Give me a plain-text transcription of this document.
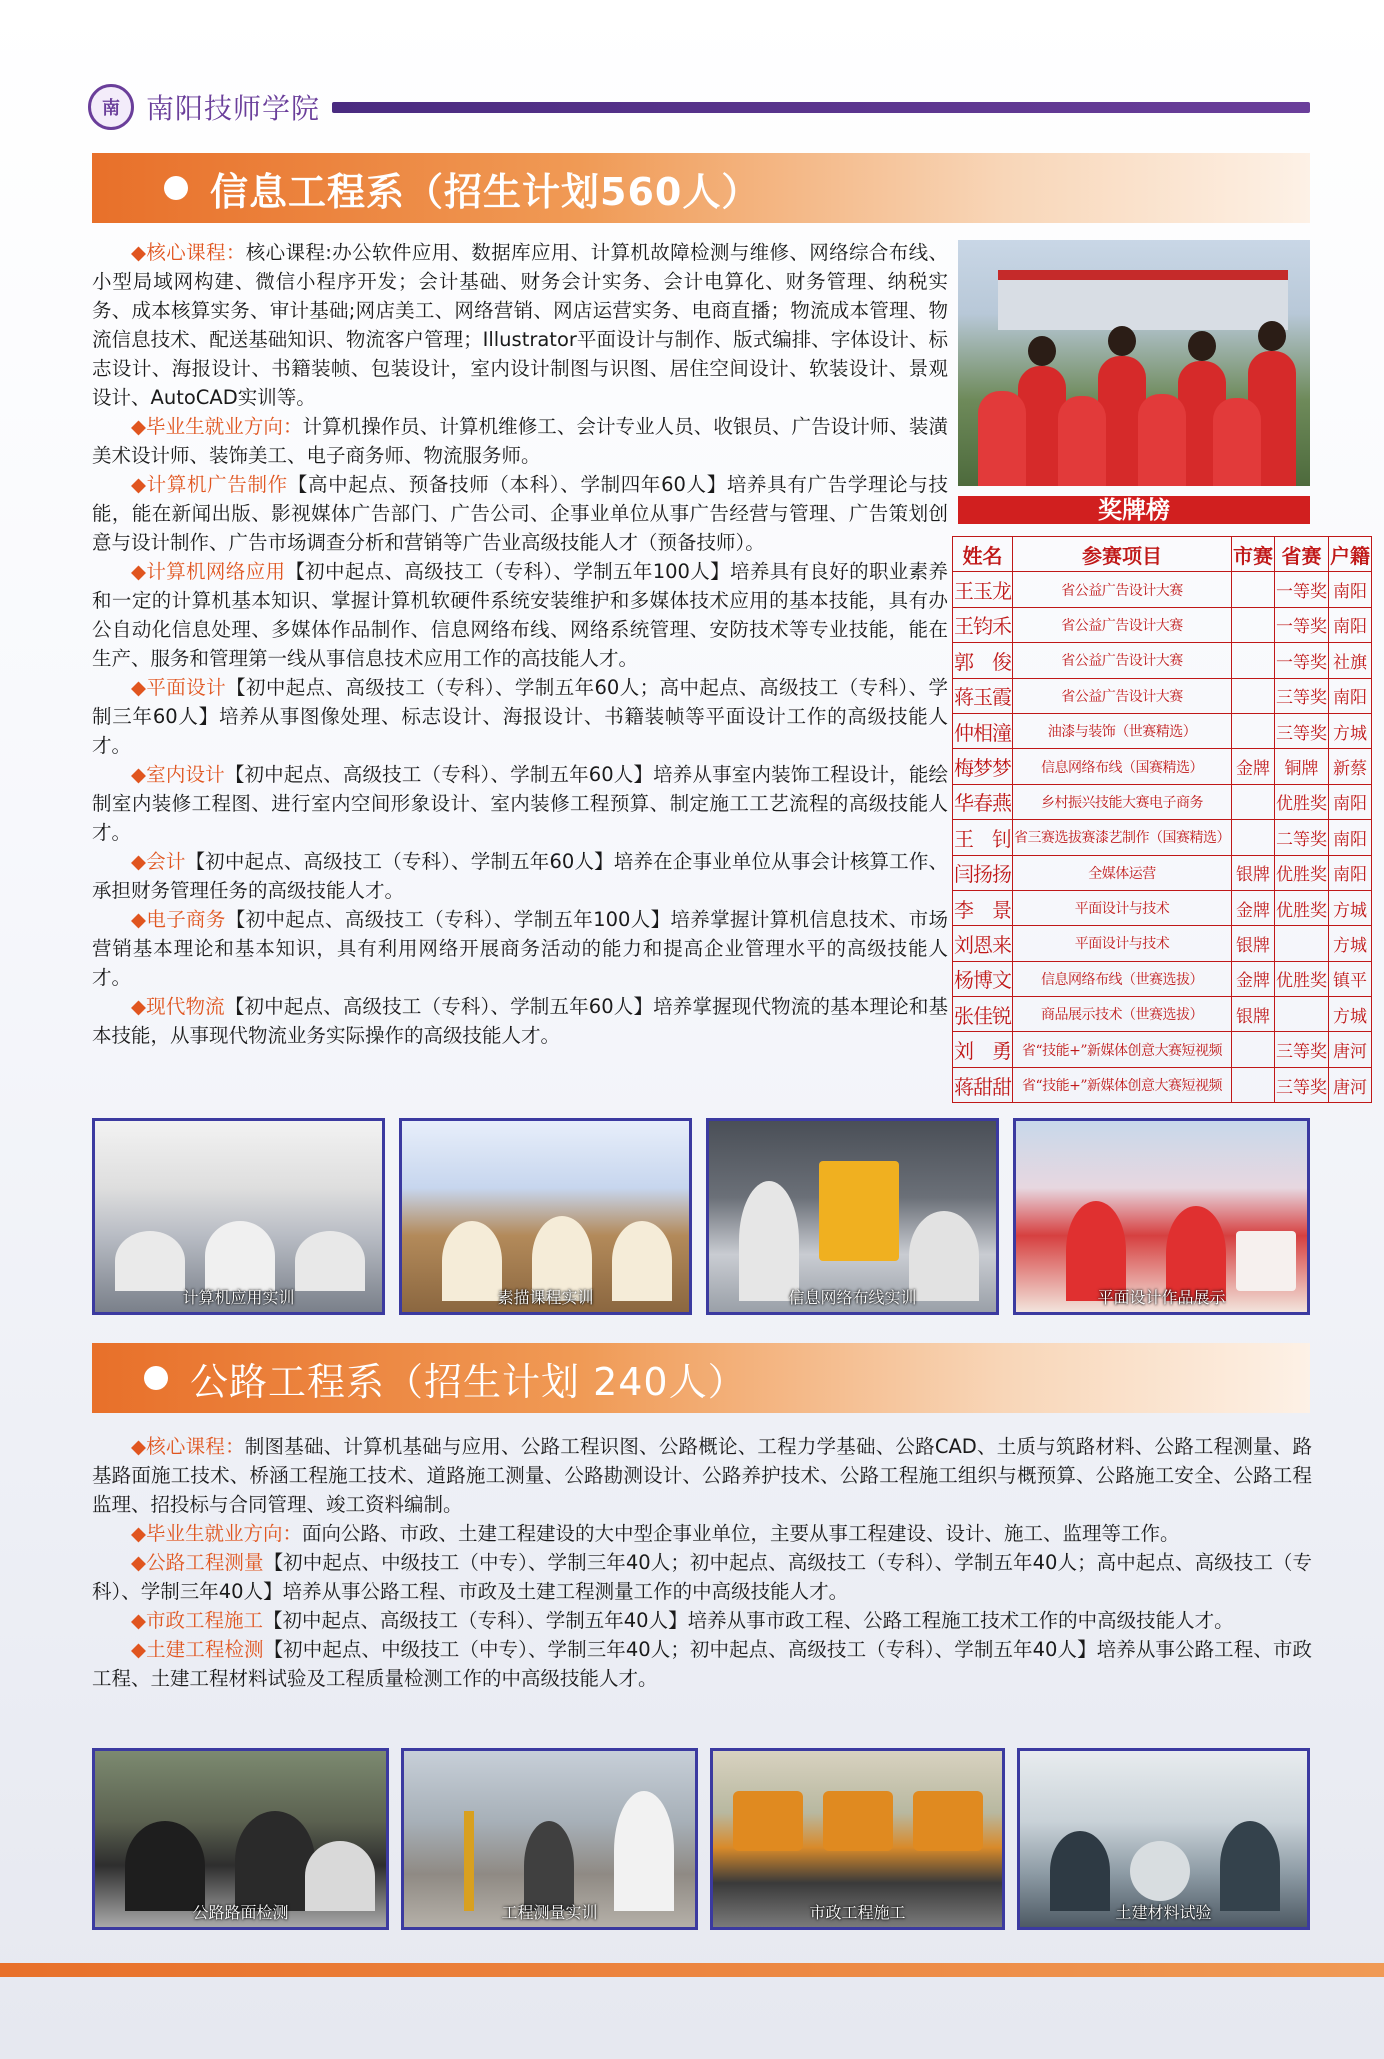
南 南阳技师学院
信息工程系（招生计划560人）

◆核心课程：核心课程:办公软件应用、数据库应用、计算机故障检测与维修、网络综合布线、小型局域网构建、微信小程序开发；会计基础、财务会计实务、会计电算化、财务管理、纳税实务、成本核算实务、审计基础;网店美工、网络营销、网店运营实务、电商直播；物流成本管理、物流信息技术、配送基础知识、物流客户管理；Illustrator平面设计与制作、版式编排、字体设计、标志设计、海报设计、书籍装帧、包装设计，室内设计制图与识图、居住空间设计、软装设计、景观设计、AutoCAD实训等。

◆毕业生就业方向：计算机操作员、计算机维修工、会计专业人员、收银员、广告设计师、装潢美术设计师、装饰美工、电子商务师、物流服务师。

◆计算机广告制作【高中起点、预备技师（本科）、学制四年60人】培养具有广告学理论与技能，能在新闻出版、影视媒体广告部门、广告公司、企事业单位从事广告经营与管理、广告策划创意与设计制作、广告市场调查分析和营销等广告业高级技能人才（预备技师）。

◆计算机网络应用【初中起点、高级技工（专科）、学制五年100人】培养具有良好的职业素养和一定的计算机基本知识、掌握计算机软硬件系统安装维护和多媒体技术应用的基本技能，具有办公自动化信息处理、多媒体作品制作、信息网络布线、网络系统管理、安防技术等专业技能，能在生产、服务和管理第一线从事信息技术应用工作的高技能人才。

◆平面设计【初中起点、高级技工（专科）、学制五年60人；高中起点、高级技工（专科）、学制三年60人】培养从事图像处理、标志设计、海报设计、书籍装帧等平面设计工作的高级技能人才。

◆室内设计【初中起点、高级技工（专科）、学制五年60人】培养从事室内装饰工程设计，能绘制室内装修工程图、进行室内空间形象设计、室内装修工程预算、制定施工工艺流程的高级技能人才。

◆会计【初中起点、高级技工（专科）、学制五年60人】培养在企事业单位从事会计核算工作、承担财务管理任务的高级技能人才。

◆电子商务【初中起点、高级技工（专科）、学制五年100人】培养掌握计算机信息技术、市场营销基本理论和基本知识，具有利用网络开展商务活动的能力和提高企业管理水平的高级技能人才。

◆现代物流【初中起点、高级技工（专科）、学制五年60人】培养掌握现代物流的基本理论和基本技能，从事现代物流业务实际操作的高级技能人才。

奖牌榜
姓名	参赛项目	市赛	省赛	户籍
王玉龙	省公益广告设计大赛		一等奖	南阳
王钧禾	省公益广告设计大赛		一等奖	南阳
郭　俊	省公益广告设计大赛		一等奖	社旗
蒋玉霞	省公益广告设计大赛		三等奖	南阳
仲相潼	油漆与装饰（世赛精选）		三等奖	方城
梅梦梦	信息网络布线（国赛精选）	金牌	铜牌	新蔡
华春燕	乡村振兴技能大赛电子商务		优胜奖	南阳
王　钊	省三赛选拔赛漆艺制作（国赛精选）		二等奖	南阳
闫扬扬	全媒体运营	银牌	优胜奖	南阳
李　景	平面设计与技术	金牌	优胜奖	方城
刘恩来	平面设计与技术	银牌		方城
杨博文	信息网络布线（世赛选拔）	金牌	优胜奖	镇平
张佳锐	商品展示技术（世赛选拔）	银牌		方城
刘　勇	省“技能+”新媒体创意大赛短视频		三等奖	唐河
蒋甜甜	省“技能+”新媒体创意大赛短视频		三等奖	唐河
计算机应用实训	素描课程实训	信息网络布线实训	平面设计作品展示
公路工程系（招生计划 240人）

◆核心课程：制图基础、计算机基础与应用、公路工程识图、公路概论、工程力学基础、公路CAD、土质与筑路材料、公路工程测量、路基路面施工技术、桥涵工程施工技术、道路施工测量、公路勘测设计、公路养护技术、公路工程施工组织与概预算、公路施工安全、公路工程监理、招投标与合同管理、竣工资料编制。

◆毕业生就业方向：面向公路、市政、土建工程建设的大中型企事业单位，主要从事工程建设、设计、施工、监理等工作。

◆公路工程测量【初中起点、中级技工（中专）、学制三年40人；初中起点、高级技工（专科）、学制五年40人；高中起点、高级技工（专科）、学制三年40人】培养从事公路工程、市政及土建工程测量工作的中高级技能人才。

◆市政工程施工【初中起点、高级技工（专科）、学制五年40人】培养从事市政工程、公路工程施工技术工作的中高级技能人才。

◆土建工程检测【初中起点、中级技工（中专）、学制三年40人；初中起点、高级技工（专科）、学制五年40人】培养从事公路工程、市政工程、土建工程材料试验及工程质量检测工作的中高级技能人才。

公路路面检测	工程测量实训	市政工程施工	土建材料试验
